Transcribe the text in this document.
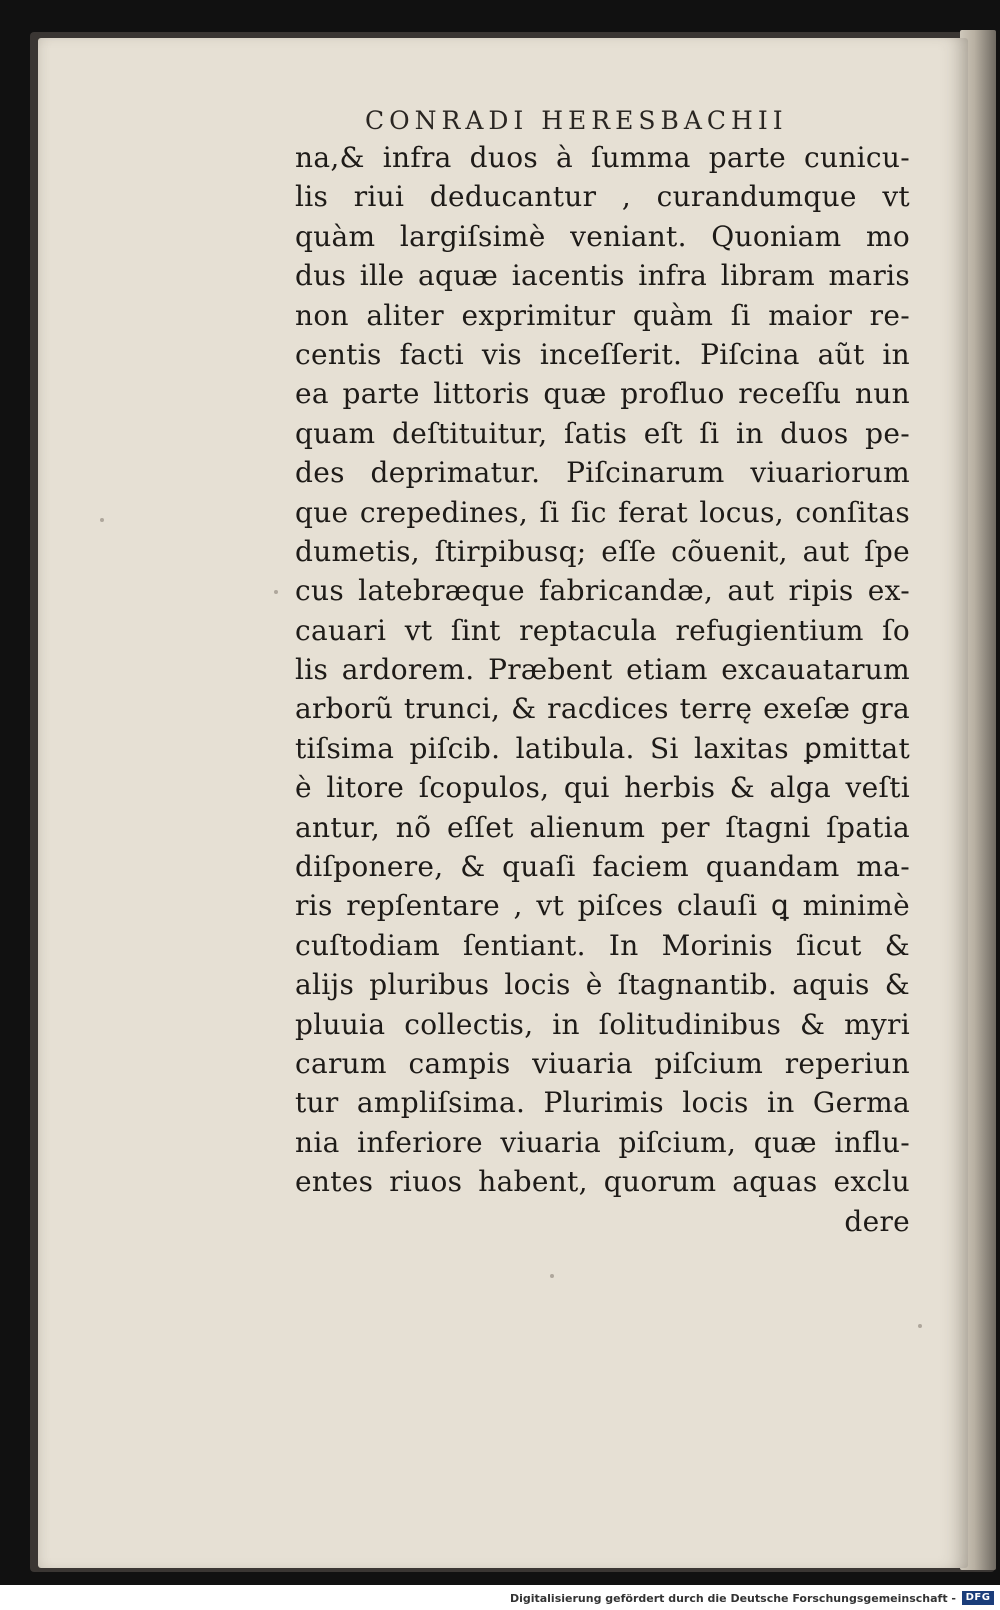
CONRADI HERESBACHII
na,& infra duos à ſumma parte cunicu-
lis riui deducantur , curandumque vt
quàm largiſsimè veniant. Quoniam mo
dus ille aquæ iacentis infra libram maris
non aliter exprimitur quàm ſi maior re-
centis facti vis inceſſerit. Piſcina aũt in
ea parte littoris quæ profluo receſſu nun
quam deſtituitur, ſatis eſt ſi in duos pe-
des deprimatur. Piſcinarum viuariorum
que crepedines, ſi ſic ferat locus, conſitas
dumetis, ſtirpibusq; eſſe cõuenit, aut ſpe
cus latebræque fabricandæ, aut ripis ex-
cauari vt ſint reptacula refugientium ſo
lis ardorem. Præbent etiam excauatarum
arborũ trunci, & racdices terrę exeſæ gra
tiſsima piſcib. latibula. Si laxitas ꝑmittat
è litore ſcopulos, qui herbis & alga veſti
antur, nõ eſſet alienum per ſtagni ſpatia
diſponere, & quaſi faciem quandam ma-
ris repſentare , vt piſces clauſi ꝗ minimè
cuſtodiam ſentiant. In Morinis ſicut &
alijs pluribus locis è ſtagnantib. aquis &
pluuia collectis, in ſolitudinibus & myri
carum campis viuaria piſcium reperiun
tur ampliſsima. Plurimis locis in Germa
nia inferiore viuaria piſcium, quæ influ-
entes riuos habent, quorum aquas exclu
dere
Digitalisierung gefördert durch die Deutsche Forschungsgemeinschaft - DFG
